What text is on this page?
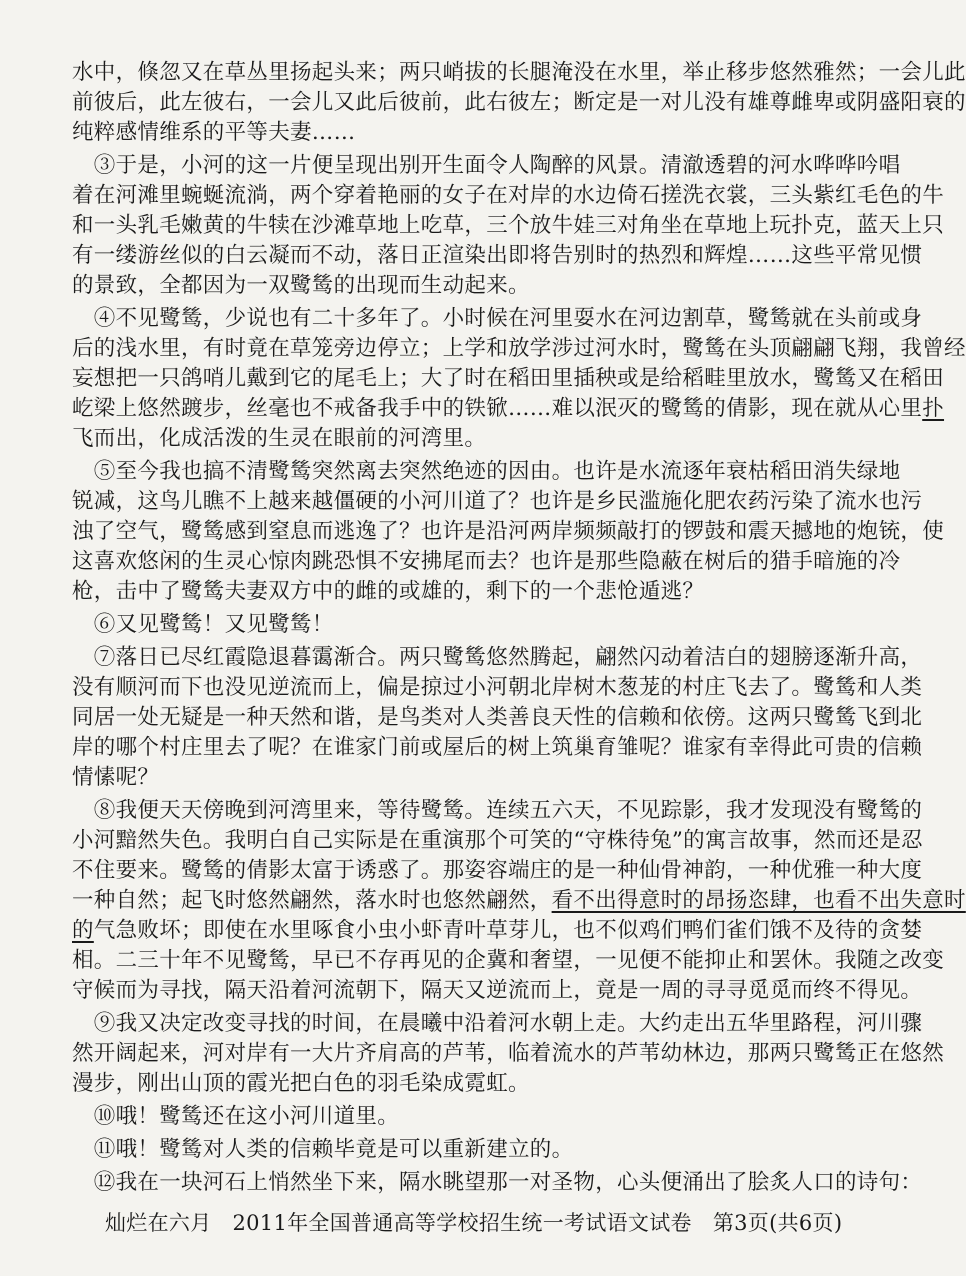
水中，倏忽又在草丛里扬起头来；两只峭拔的长腿淹没在水里，举止移步悠然雅然；一会儿此
前彼后，此左彼右，一会儿又此后彼前，此右彼左；断定是一对儿没有雄尊雌卑或阴盛阳衰的
纯粹感情维系的平等夫妻……
　③于是，小河的这一片便呈现出别开生面令人陶醉的风景。清澈透碧的河水哗哗吟唱
着在河滩里蜿蜒流淌，两个穿着艳丽的女子在对岸的水边倚石搓洗衣裳，三头紫红毛色的牛
和一头乳毛嫩黄的牛犊在沙滩草地上吃草，三个放牛娃三对角坐在草地上玩扑克，蓝天上只
有一缕游丝似的白云凝而不动，落日正渲染出即将告别时的热烈和辉煌……这些平常见惯
的景致，全都因为一双鹭鸶的出现而生动起来。
　④不见鹭鸶，少说也有二十多年了。小时候在河里耍水在河边割草，鹭鸶就在头前或身
后的浅水里，有时竟在草笼旁边停立；上学和放学涉过河水时，鹭鸶在头顶翩翩飞翔，我曾经
妄想把一只鸽哨儿戴到它的尾毛上；大了时在稻田里插秧或是给稻畦里放水，鹭鸶又在稻田
屹梁上悠然踱步，丝毫也不戒备我手中的铁锨……难以泯灭的鹭鸶的倩影，现在就从心里扑
飞而出，化成活泼的生灵在眼前的河湾里。
　⑤至今我也搞不清鹭鸶突然离去突然绝迹的因由。也许是水流逐年衰枯稻田消失绿地
锐减，这鸟儿瞧不上越来越僵硬的小河川道了？也许是乡民滥施化肥农药污染了流水也污
浊了空气，鹭鸶感到窒息而逃逸了？也许是沿河两岸频频敲打的锣鼓和震天撼地的炮铳，使
这喜欢悠闲的生灵心惊肉跳恐惧不安拂尾而去？也许是那些隐蔽在树后的猎手暗施的冷
枪，击中了鹭鸶夫妻双方中的雌的或雄的，剩下的一个悲怆遁逃？
　⑥又见鹭鸶！又见鹭鸶！
　⑦落日已尽红霞隐退暮霭渐合。两只鹭鸶悠然腾起，翩然闪动着洁白的翅膀逐渐升高，
没有顺河而下也没见逆流而上，偏是掠过小河朝北岸树木葱茏的村庄飞去了。鹭鸶和人类
同居一处无疑是一种天然和谐，是鸟类对人类善良天性的信赖和依傍。这两只鹭鸶飞到北
岸的哪个村庄里去了呢？在谁家门前或屋后的树上筑巢育雏呢？谁家有幸得此可贵的信赖
情愫呢？
　⑧我便天天傍晚到河湾里来，等待鹭鸶。连续五六天，不见踪影，我才发现没有鹭鸶的
小河黯然失色。我明白自己实际是在重演那个可笑的“守株待兔”的寓言故事，然而还是忍
不住要来。鹭鸶的倩影太富于诱惑了。那姿容端庄的是一种仙骨神韵，一种优雅一种大度
一种自然；起飞时悠然翩然，落水时也悠然翩然，看不出得意时的昂扬恣肆，也看不出失意时
的气急败坏；即使在水里啄食小虫小虾青叶草芽儿，也不似鸡们鸭们雀们饿不及待的贪婪
相。二三十年不见鹭鸶，早已不存再见的企冀和奢望，一见便不能抑止和罢休。我随之改变
守候而为寻找，隔天沿着河流朝下，隔天又逆流而上，竟是一周的寻寻觅觅而终不得见。
　⑨我又决定改变寻找的时间，在晨曦中沿着河水朝上走。大约走出五华里路程，河川骤
然开阔起来，河对岸有一大片齐肩高的芦苇，临着流水的芦苇幼林边，那两只鹭鸶正在悠然
漫步，刚出山顶的霞光把白色的羽毛染成霓虹。
　⑩哦！鹭鸶还在这小河川道里。
　⑪哦！鹭鸶对人类的信赖毕竟是可以重新建立的。
　⑫我在一块河石上悄然坐下来，隔水眺望那一对圣物，心头便涌出了脍炙人口的诗句：
灿烂在六月 2011年全国普通高等学校招生统一考试语文试卷 第3页(共6页)
